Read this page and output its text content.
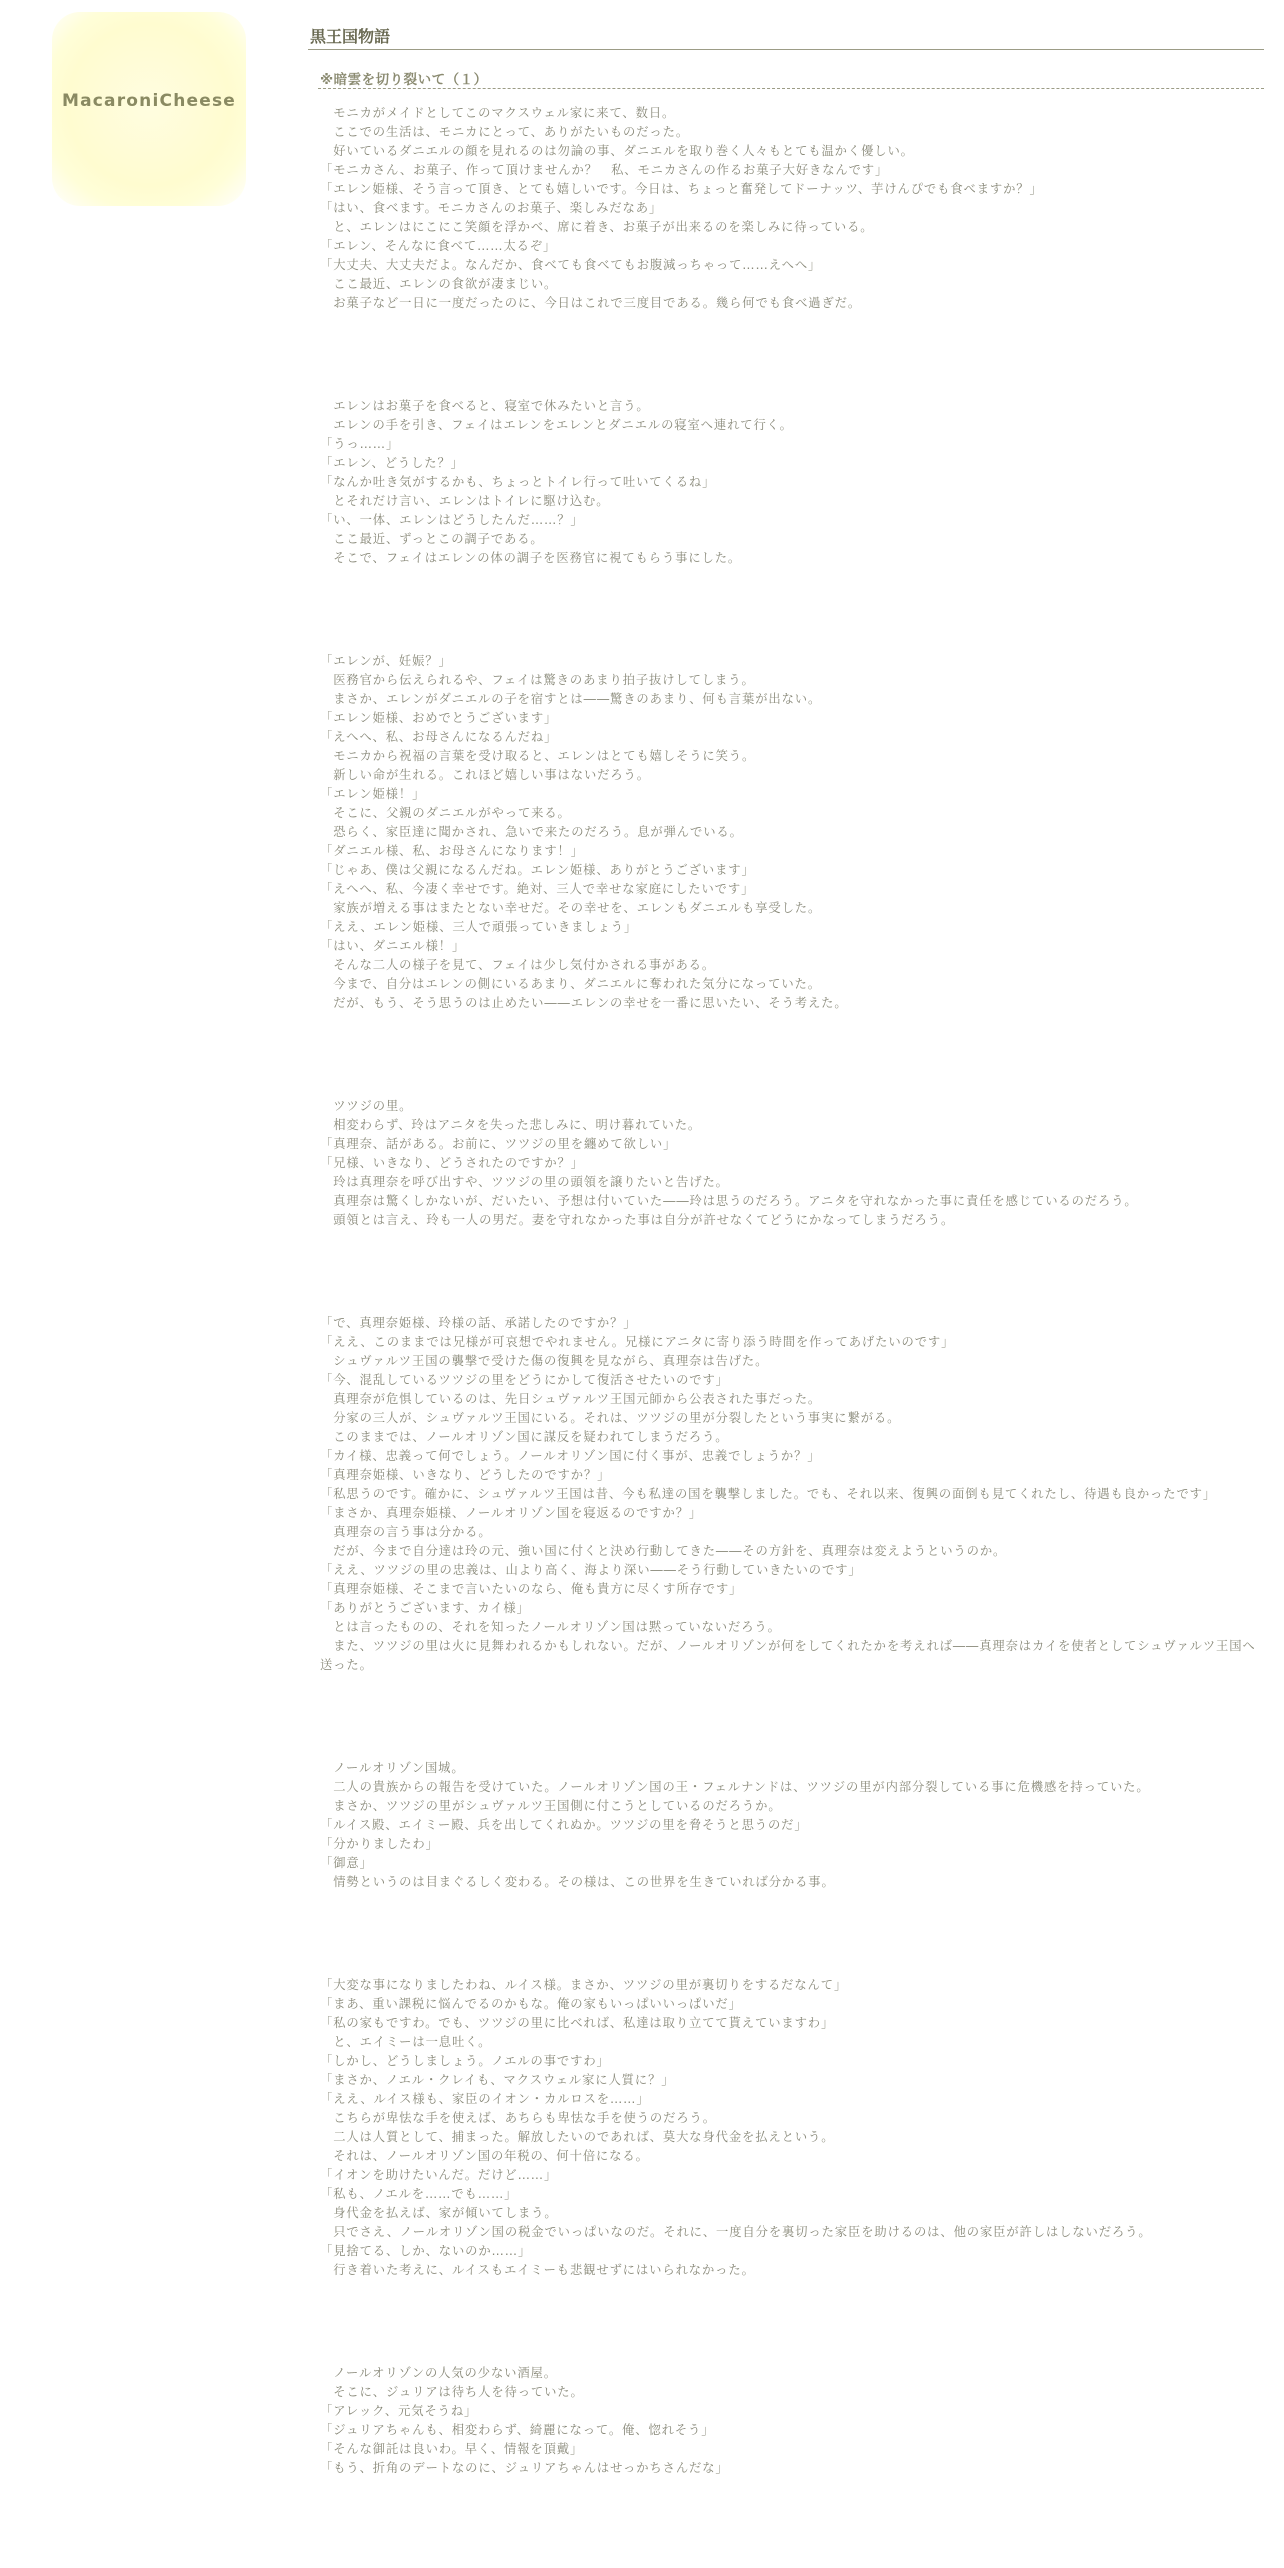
MacaroniCheese
黒王国物語
※暗雲を切り裂いて（１）
　モニカがメイドとしてこのマクスウェル家に来て、数日。
　ここでの生活は、モニカにとって、ありがたいものだった。
　好いているダニエルの顔を見れるのは勿論の事、ダニエルを取り巻く人々もとても温かく優しい。
「モニカさん、お菓子、作って頂けませんか？　私、モニカさんの作るお菓子大好きなんです」
「エレン姫様、そう言って頂き、とても嬉しいです。今日は、ちょっと奮発してドーナッツ、芋けんぴでも食べますか？」
「はい、食べます。モニカさんのお菓子、楽しみだなあ」
　と、エレンはにこにこ笑顔を浮かべ、席に着き、お菓子が出来るのを楽しみに待っている。
「エレン、そんなに食べて……太るぞ」
「大丈夫、大丈夫だよ。なんだか、食べても食べてもお腹減っちゃって……えへへ」
　ここ最近、エレンの食欲が凄まじい。
　お菓子など一日に一度だったのに、今日はこれで三度目である。幾ら何でも食べ過ぎだ。
　エレンはお菓子を食べると、寝室で休みたいと言う。
　エレンの手を引き、フェイはエレンをエレンとダニエルの寝室へ連れて行く。
「うっ……」
「エレン、どうした？」
「なんか吐き気がするかも、ちょっとトイレ行って吐いてくるね」
　とそれだけ言い、エレンはトイレに駆け込む。
「い、一体、エレンはどうしたんだ……？」
　ここ最近、ずっとこの調子である。
　そこで、フェイはエレンの体の調子を医務官に視てもらう事にした。
「エレンが、妊娠？」
　医務官から伝えられるや、フェイは驚きのあまり拍子抜けしてしまう。
　まさか、エレンがダニエルの子を宿すとは――驚きのあまり、何も言葉が出ない。
「エレン姫様、おめでとうございます」
「えへへ、私、お母さんになるんだね」
　モニカから祝福の言葉を受け取ると、エレンはとても嬉しそうに笑う。
　新しい命が生れる。これほど嬉しい事はないだろう。
「エレン姫様！」
　そこに、父親のダニエルがやって来る。
　恐らく、家臣達に聞かされ、急いで来たのだろう。息が弾んでいる。
「ダニエル様、私、お母さんになります！」
「じゃあ、僕は父親になるんだね。エレン姫様、ありがとうございます」
「えへへ、私、今凄く幸せです。絶対、三人で幸せな家庭にしたいです」
　家族が増える事はまたとない幸せだ。その幸せを、エレンもダニエルも享受した。
「ええ、エレン姫様、三人で頑張っていきましょう」
「はい、ダニエル様！」
　そんな二人の様子を見て、フェイは少し気付かされる事がある。
　今まで、自分はエレンの側にいるあまり、ダニエルに奪われた気分になっていた。
　だが、もう、そう思うのは止めたい――エレンの幸せを一番に思いたい、そう考えた。
　ツツジの里。
　相変わらず、玲はアニタを失った悲しみに、明け暮れていた。
「真理奈、話がある。お前に、ツツジの里を纏めて欲しい」
「兄様、いきなり、どうされたのですか？」
　玲は真理奈を呼び出すや、ツツジの里の頭領を譲りたいと告げた。
　真理奈は驚くしかないが、だいたい、予想は付いていた――玲は思うのだろう。アニタを守れなかった事に責任を感じているのだろう。
　頭領とは言え、玲も一人の男だ。妻を守れなかった事は自分が許せなくてどうにかなってしまうだろう。
「で、真理奈姫様、玲様の話、承諾したのですか？」
「ええ、このままでは兄様が可哀想でやれません。兄様にアニタに寄り添う時間を作ってあげたいのです」
　シュヴァルツ王国の襲撃で受けた傷の復興を見ながら、真理奈は告げた。
「今、混乱しているツツジの里をどうにかして復活させたいのです」
　真理奈が危惧しているのは、先日シュヴァルツ王国元師から公表された事だった。
　分家の三人が、シュヴァルツ王国にいる。それは、ツツジの里が分裂したという事実に繋がる。
　このままでは、ノールオリゾン国に謀反を疑われてしまうだろう。
「カイ様、忠義って何でしょう。ノールオリゾン国に付く事が、忠義でしょうか？」
「真理奈姫様、いきなり、どうしたのですか？」
「私思うのです。確かに、シュヴァルツ王国は昔、今も私達の国を襲撃しました。でも、それ以来、復興の面倒も見てくれたし、待遇も良かったです」
「まさか、真理奈姫様、ノールオリゾン国を寝返るのですか？」
　真理奈の言う事は分かる。
　だが、今まで自分達は玲の元、強い国に付くと決め行動してきた――その方針を、真理奈は変えようというのか。
「ええ、ツツジの里の忠義は、山より高く、海より深い――そう行動していきたいのです」
「真理奈姫様、そこまで言いたいのなら、俺も貴方に尽くす所存です」
「ありがとうございます、カイ様」
　とは言ったものの、それを知ったノールオリゾン国は黙っていないだろう。
　また、ツツジの里は火に見舞われるかもしれない。だが、ノールオリゾンが何をしてくれたかを考えれば――真理奈はカイを使者としてシュヴァルツ王国へ送った。
　ノールオリゾン国城。
　二人の貴族からの報告を受けていた。ノールオリゾン国の王・フェルナンドは、ツツジの里が内部分裂している事に危機感を持っていた。
　まさか、ツツジの里がシュヴァルツ王国側に付こうとしているのだろうか。
「ルイス殿、エイミー殿、兵を出してくれぬか。ツツジの里を脅そうと思うのだ」
「分かりましたわ」
「御意」
　情勢というのは目まぐるしく変わる。その様は、この世界を生きていれば分かる事。
「大変な事になりましたわね、ルイス様。まさか、ツツジの里が裏切りをするだなんて」
「まあ、重い課税に悩んでるのかもな。俺の家もいっぱいいっぱいだ」
「私の家もですわ。でも、ツツジの里に比べれば、私達は取り立てて貰えていますわ」
　と、エイミーは一息吐く。
「しかし、どうしましょう。ノエルの事ですわ」
「まさか、ノエル・クレイも、マクスウェル家に人質に？」
「ええ、ルイス様も、家臣のイオン・カルロスを……」
　こちらが卑怯な手を使えば、あちらも卑怯な手を使うのだろう。
　二人は人質として、捕まった。解放したいのであれば、莫大な身代金を払えという。
　それは、ノールオリゾン国の年税の、何十倍になる。
「イオンを助けたいんだ。だけど……」
「私も、ノエルを……でも……」
　身代金を払えば、家が傾いてしまう。
　只でさえ、ノールオリゾン国の税金でいっぱいなのだ。それに、一度自分を裏切った家臣を助けるのは、他の家臣が許しはしないだろう。
「見捨てる、しか、ないのか……」
　行き着いた考えに、ルイスもエイミーも悲観せずにはいられなかった。
　ノールオリゾンの人気の少ない酒屋。
　そこに、ジュリアは待ち人を待っていた。
「アレック、元気そうね」
「ジュリアちゃんも、相変わらず、綺麗になって。俺、惚れそう」
「そんな御託は良いわ。早く、情報を頂戴」
「もう、折角のデートなのに、ジュリアちゃんはせっかちさんだな」
